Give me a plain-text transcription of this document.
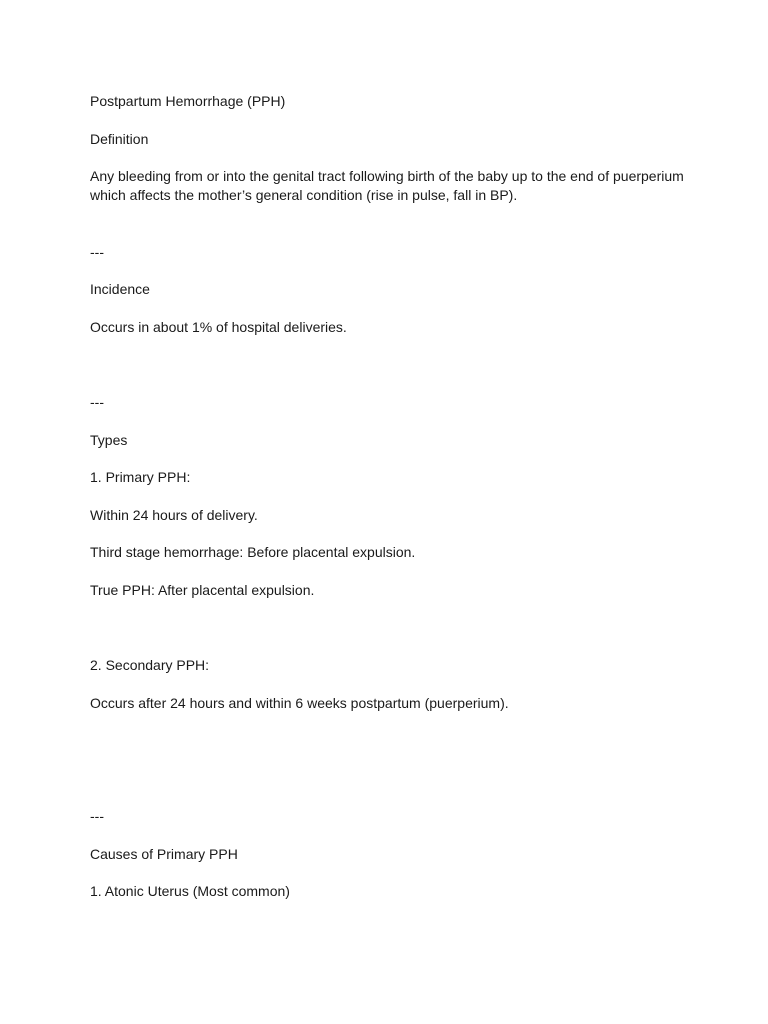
Postpartum Hemorrhage (PPH)

Definition

Any bleeding from or into the genital tract following birth of the baby up to the end of puerperium which affects the mother’s general condition (rise in pulse, fall in BP).

---

Incidence

Occurs in about 1% of hospital deliveries.

---

Types

1. Primary PPH:

Within 24 hours of delivery.

Third stage hemorrhage: Before placental expulsion.

True PPH: After placental expulsion.

2. Secondary PPH:

Occurs after 24 hours and within 6 weeks postpartum (puerperium).

---

Causes of Primary PPH

1. Atonic Uterus (Most common)
